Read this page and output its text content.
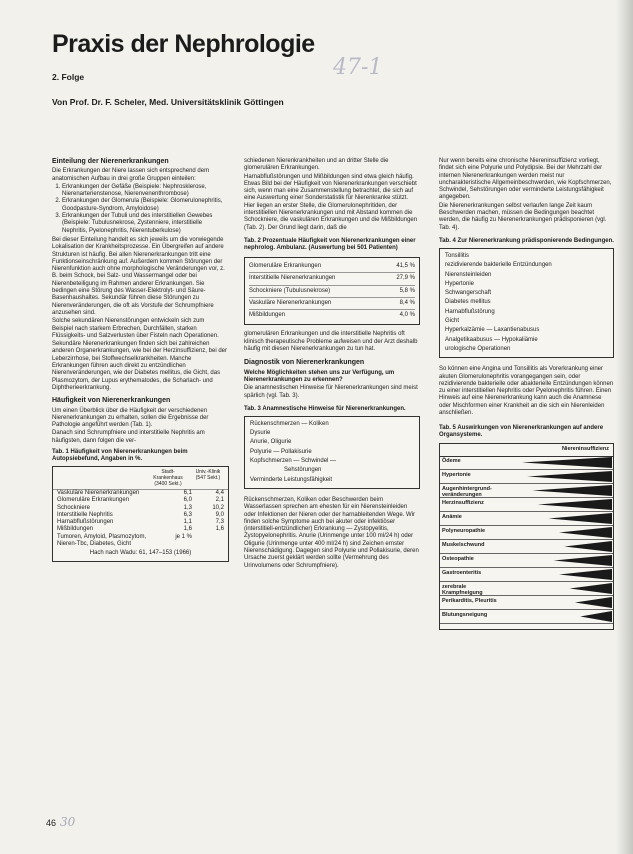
Praxis der Nephrologie
47-1
2. Folge
Von Prof. Dr. F. Scheler, Med. Universitätsklinik Göttingen
Einteilung der Nierenerkrankungen

Die Erkrankungen der Niere lassen sich entsprechend dem anatomischen Aufbau in drei große Gruppen einteilen:

1. Erkrankungen der Gefäße (Beispiele: Nephrosklerose, Nierenarterienstenose, Nierenvenenthrombose)
2. Erkrankungen der Glomerula (Beispiele: Glomerulonephritis, Goodpasture-Syndrom, Amyloidose)
3. Erkrankungen der Tubuli und des interstitiellen Gewebes (Beispiele: Tubulusnekrose, Zystenniere, interstitielle Nephritis, Pyelonephritis, Nierentuberkulose)

Bei dieser Einteilung handelt es sich jeweils um die vorwiegende Lokalisation der Krankheitsprozesse. Ein Übergreifen auf andere Strukturen ist häufig. Bei allen Nierenerkrankungen tritt eine Funktionseinschränkung auf. Außerdem kommen Störungen der Nierenfunktion auch ohne morphologische Veränderungen vor, z. B. beim Schock, bei Salz- und Wassermangel oder bei Nierenbeteiligung im Rahmen anderer Erkrankungen. Sie bedingen eine Störung des Wasser-Elektrolyt- und Säure-Basenhaushaltes. Sekundär führen diese Störungen zu Nierenveränderungen, die oft als Vorstufe der Schrumpfniere anzusehen sind.

Solche sekundären Nierenstörungen entwickeln sich zum Beispiel nach starkem Erbrechen, Durchfällen, starken Flüssigkeits- und Salzverlusten über Fisteln nach Operationen.

Sekundäre Nierenerkrankungen finden sich bei zahlreichen anderen Organerkrankungen, wie bei der Herzinsuffizienz, bei der Leberzirrhose, bei Stoffwechselkrankheiten. Manche Erkrankungen führen auch direkt zu entzündlichen Nierenveränderungen, wie der Diabetes mellitus, die Gicht, das Plasmozytom, der Lupus erythematodes, die Scharlach- und Diphtherieerkrankung.

Häufigkeit von Nierenerkrankungen

Um einen Überblick über die Häufigkeit der verschiedenen Nierenerkrankungen zu erhalten, sollen die Ergebnisse der Pathologie angeführt werden (Tab. 1).

Danach sind Schrumpfniere und interstitielle Nephritis am häufigsten, dann folgen die ver-

Tab. 1 Häufigkeit von Nierenerkrankungen beim Autopsiebefund, Angaben in %.
Stadt-Krankenhaus (3400 Sekt.)
Univ.-Klinik (547 Sekt.)
Vaskuläre Nierenerkrankungen	6,1	4,4
Glomeruläre Erkrankungen	6,0	2,1
Schockniere	1,3	10,2
Interstitielle Nephritis	6,3	9,0
Harnabflußstörungen	1,1	7,3
Mißbildungen	1,6	1,6
Tumoren, Amyloid, Plasmozytom, Nieren-Tbc, Diabetes, Gicht
je 1 %
Hach nach Wadu: 61, 147–153 (1966)

schiedenen Nierenkrankheiten und an dritter Stelle die glomerulären Erkrankungen.

Harnabflußstörungen und Mißbildungen sind etwa gleich häufig. Etwas Bild bei der Häufigkeit von Nierenerkrankungen verschiebt sich, wenn man eine Zusammenstellung betrachtet, die sich auf eine Auswertung einer Sonderstatistik für Nierenkranke stützt. Hier liegen an erster Stelle, die Glomerulonephritiden, der interstitiellen Nierenerkrankungen und mit Abstand kommen die Schockniere, die vaskulären Erkrankungen und die Mißbildungen (Tab. 2). Der Grund liegt darin, daß die

Tab. 2 Prozentuale Häufigkeit von Nierenerkrankungen einer nephrolog. Ambulanz. (Auswertung bei 501 Patienten)
Glomeruläre Erkrankungen	41,5 %
Interstitielle Nierenerkrankungen	27,9 %
Schockniere (Tubulusnekrose)	5,8 %
Vaskuläre Nierenerkrankungen	8,4 %
Mißbildungen	4,0 %

glomerulären Erkrankungen und die interstitielle Nephritis oft klinisch therapeutische Probleme aufweisen und der Arzt deshalb häufig mit diesen Nierenerkrankungen zu tun hat.

Diagnostik von Nierenerkrankungen

Welche Möglichkeiten stehen uns zur Verfügung, um Nierenerkrankungen zu erkennen?

Die anamnestischen Hinweise für Nierenerkrankungen sind meist spärlich (vgl. Tab. 3).

Tab. 3 Anamnestische Hinweise für Nierenerkrankungen.
Rückenschmerzen — Koliken
Dysurie
Anurie, Oligurie
Polyurie — Pollakisurie
Kopfschmerzen — Schwindel —
Sehstörungen
Verminderte Leistungsfähigkeit

Rückenschmerzen, Koliken oder Beschwerden beim Wasserlassen sprechen am ehesten für ein Nierensteinleiden oder Infektionen der Nieren oder der harnableitenden Wege. Wir finden solche Symptome auch bei akuter oder infektiöser (interstitiell-entzündlicher) Erkrankung — Zystopyelitis, Zystopyelonephritis. Anurie (Urinmenge unter 100 ml/24 h) oder Oligurie (Urinmenge unter 400 ml/24 h) sind Zeichen ernster Nierenschädigung. Dagegen sind Polyurie und Pollakisurie, deren Ursache zuerst geklärt werden sollte (Vermehrung des Urinvolumens oder Schrumpfniere).

Nur wenn bereits eine chronische Niereninsuffizienz vorliegt, findet sich eine Polyurie und Polydipsie. Bei der Mehrzahl der internen Nierenerkrankungen werden meist nur uncharakteristische Allgemeinbeschwerden, wie Kopfschmerzen, Schwindel, Sehstörungen oder verminderte Leistungsfähigkeit angegeben.

Die Nierenerkrankungen selbst verlaufen lange Zeit kaum Beschwerden machen, müssen die Bedingungen beachtet werden, die häufig zu Nierenerkrankungen prädisponieren (vgl. Tab. 4).

Tab. 4 Zur Nierenerkrankung prädisponierende Bedingungen.
Tonsillitis
rezidivierende bakterielle Entzündungen
Nierensteinleiden
Hypertonie
Schwangerschaft
Diabetes mellitus
Harnabflußstörung
Gicht
Hyperkalzämie — Laxantienabusus
Analgetikaabusus — Hypokaliämie
urologische Operationen

So können eine Angina und Tonsillitis als Vorerkrankung einer akuten Glomerulonephritis vorangegangen sein, oder rezidivierende bakterielle oder abakterielle Entzündungen können zu einer interstitiellen Nephritis oder Pyelonephritis führen. Einen Hinweis auf eine Nierenerkrankung kann auch die Anamnese oder Mischformen einer Krankheit an die sich ein Nierenleiden anschließen.

Tab. 5 Auswirkungen von Nierenerkrankungen auf andere Organsysteme.
Niereninsuffizienz
Ödeme
Hypertonie
Augenhintergrund-veränderungen
Herzinsuffizienz
Anämie
Polyneuropathie
Muskelschwund
Osteopathie
Gastroenteritis
zerebrale Krampfneigung
Perikarditis, Pleuritis
Blutungsneigung
46 30
